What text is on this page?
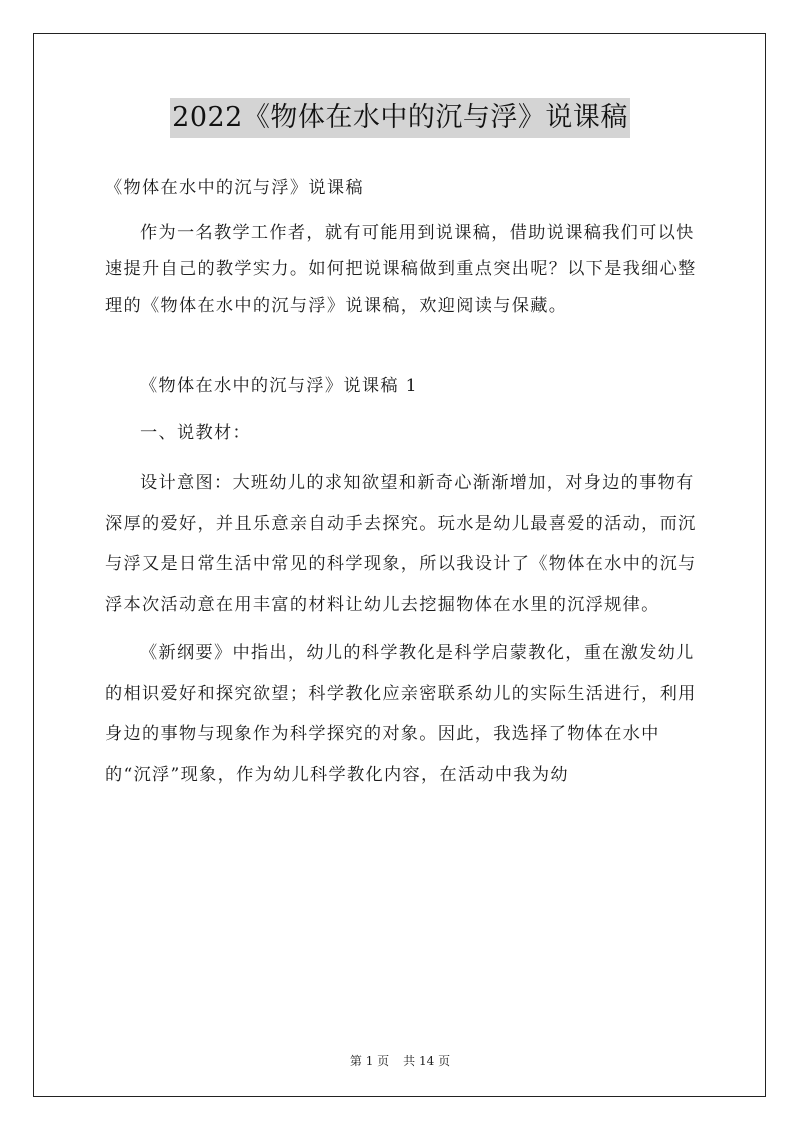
2022《物体在水中的沉与浮》说课稿

《物体在水中的沉与浮》说课稿

作为一名教学工作者，就有可能用到说课稿，借助说课稿我们可以快速提升自己的教学实力。如何把说课稿做到重点突出呢？以下是我细心整理的《物体在水中的沉与浮》说课稿，欢迎阅读与保藏。

《物体在水中的沉与浮》说课稿 1

一、说教材：

设计意图：大班幼儿的求知欲望和新奇心渐渐增加，对身边的事物有深厚的爱好，并且乐意亲自动手去探究。玩水是幼儿最喜爱的活动，而沉与浮又是日常生活中常见的科学现象，所以我设计了《物体在水中的沉与浮本次活动意在用丰富的材料让幼儿去挖掘物体在水里的沉浮规律。

《新纲要》中指出，幼儿的科学教化是科学启蒙教化，重在激发幼儿的相识爱好和探究欲望；科学教化应亲密联系幼儿的实际生活进行，利用身边的事物与现象作为科学探究的对象。因此，我选择了物体在水中的“沉浮”现象，作为幼儿科学教化内容，在活动中我为幼

第 1 页 共 14 页
